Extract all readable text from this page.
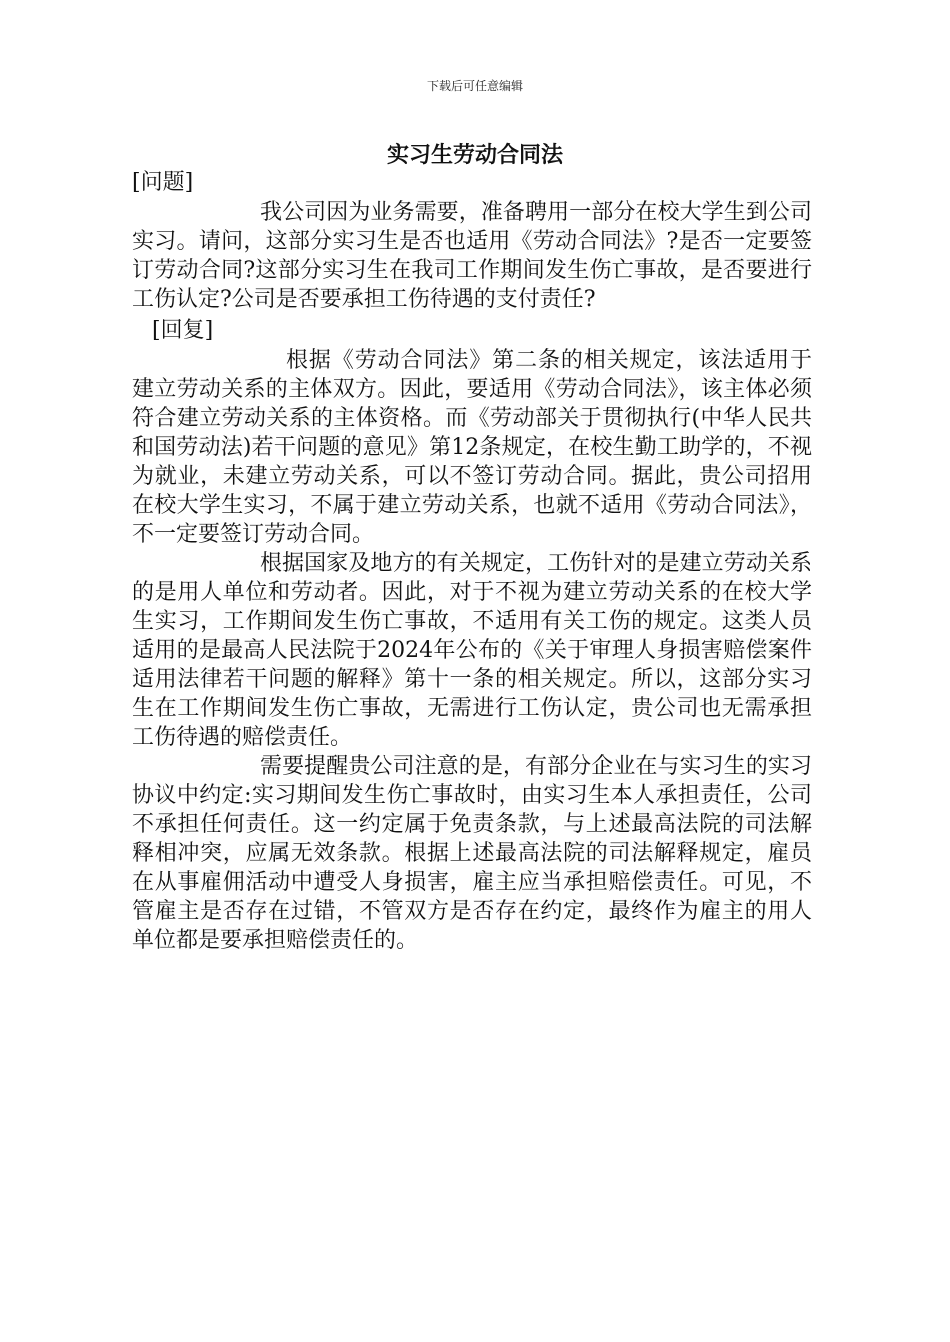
下载后可任意编辑
实习生劳动合同法

[问题]

我公司因为业务需要，准备聘用一部分在校大学生到公司实习。请问，这部分实习生是否也适用《劳动合同法》?是否一定要签订劳动合同?这部分实习生在我司工作期间发生伤亡事故，是否要进行工伤认定?公司是否要承担工伤待遇的支付责任?

[回复]

根据《劳动合同法》第二条的相关规定，该法适用于建立劳动关系的主体双方。因此，要适用《劳动合同法》，该主体必须符合建立劳动关系的主体资格。而《劳动部关于贯彻执行(中华人民共和国劳动法)若干问题的意见》第12条规定，在校生勤工助学的，不视为就业，未建立劳动关系，可以不签订劳动合同。据此，贵公司招用在校大学生实习，不属于建立劳动关系，也就不适用《劳动合同法》，不一定要签订劳动合同。

根据国家及地方的有关规定，工伤针对的是建立劳动关系的是用人单位和劳动者。因此，对于不视为建立劳动关系的在校大学生实习，工作期间发生伤亡事故，不适用有关工伤的规定。这类人员适用的是最高人民法院于2024年公布的《关于审理人身损害赔偿案件适用法律若干问题的解释》第十一条的相关规定。所以，这部分实习生在工作期间发生伤亡事故，无需进行工伤认定，贵公司也无需承担工伤待遇的赔偿责任。

需要提醒贵公司注意的是，有部分企业在与实习生的实习协议中约定:实习期间发生伤亡事故时，由实习生本人承担责任，公司不承担任何责任。这一约定属于免责条款，与上述最高法院的司法解释相冲突，应属无效条款。根据上述最高法院的司法解释规定，雇员在从事雇佣活动中遭受人身损害，雇主应当承担赔偿责任。可见，不管雇主是否存在过错，不管双方是否存在约定，最终作为雇主的用人单位都是要承担赔偿责任的。
